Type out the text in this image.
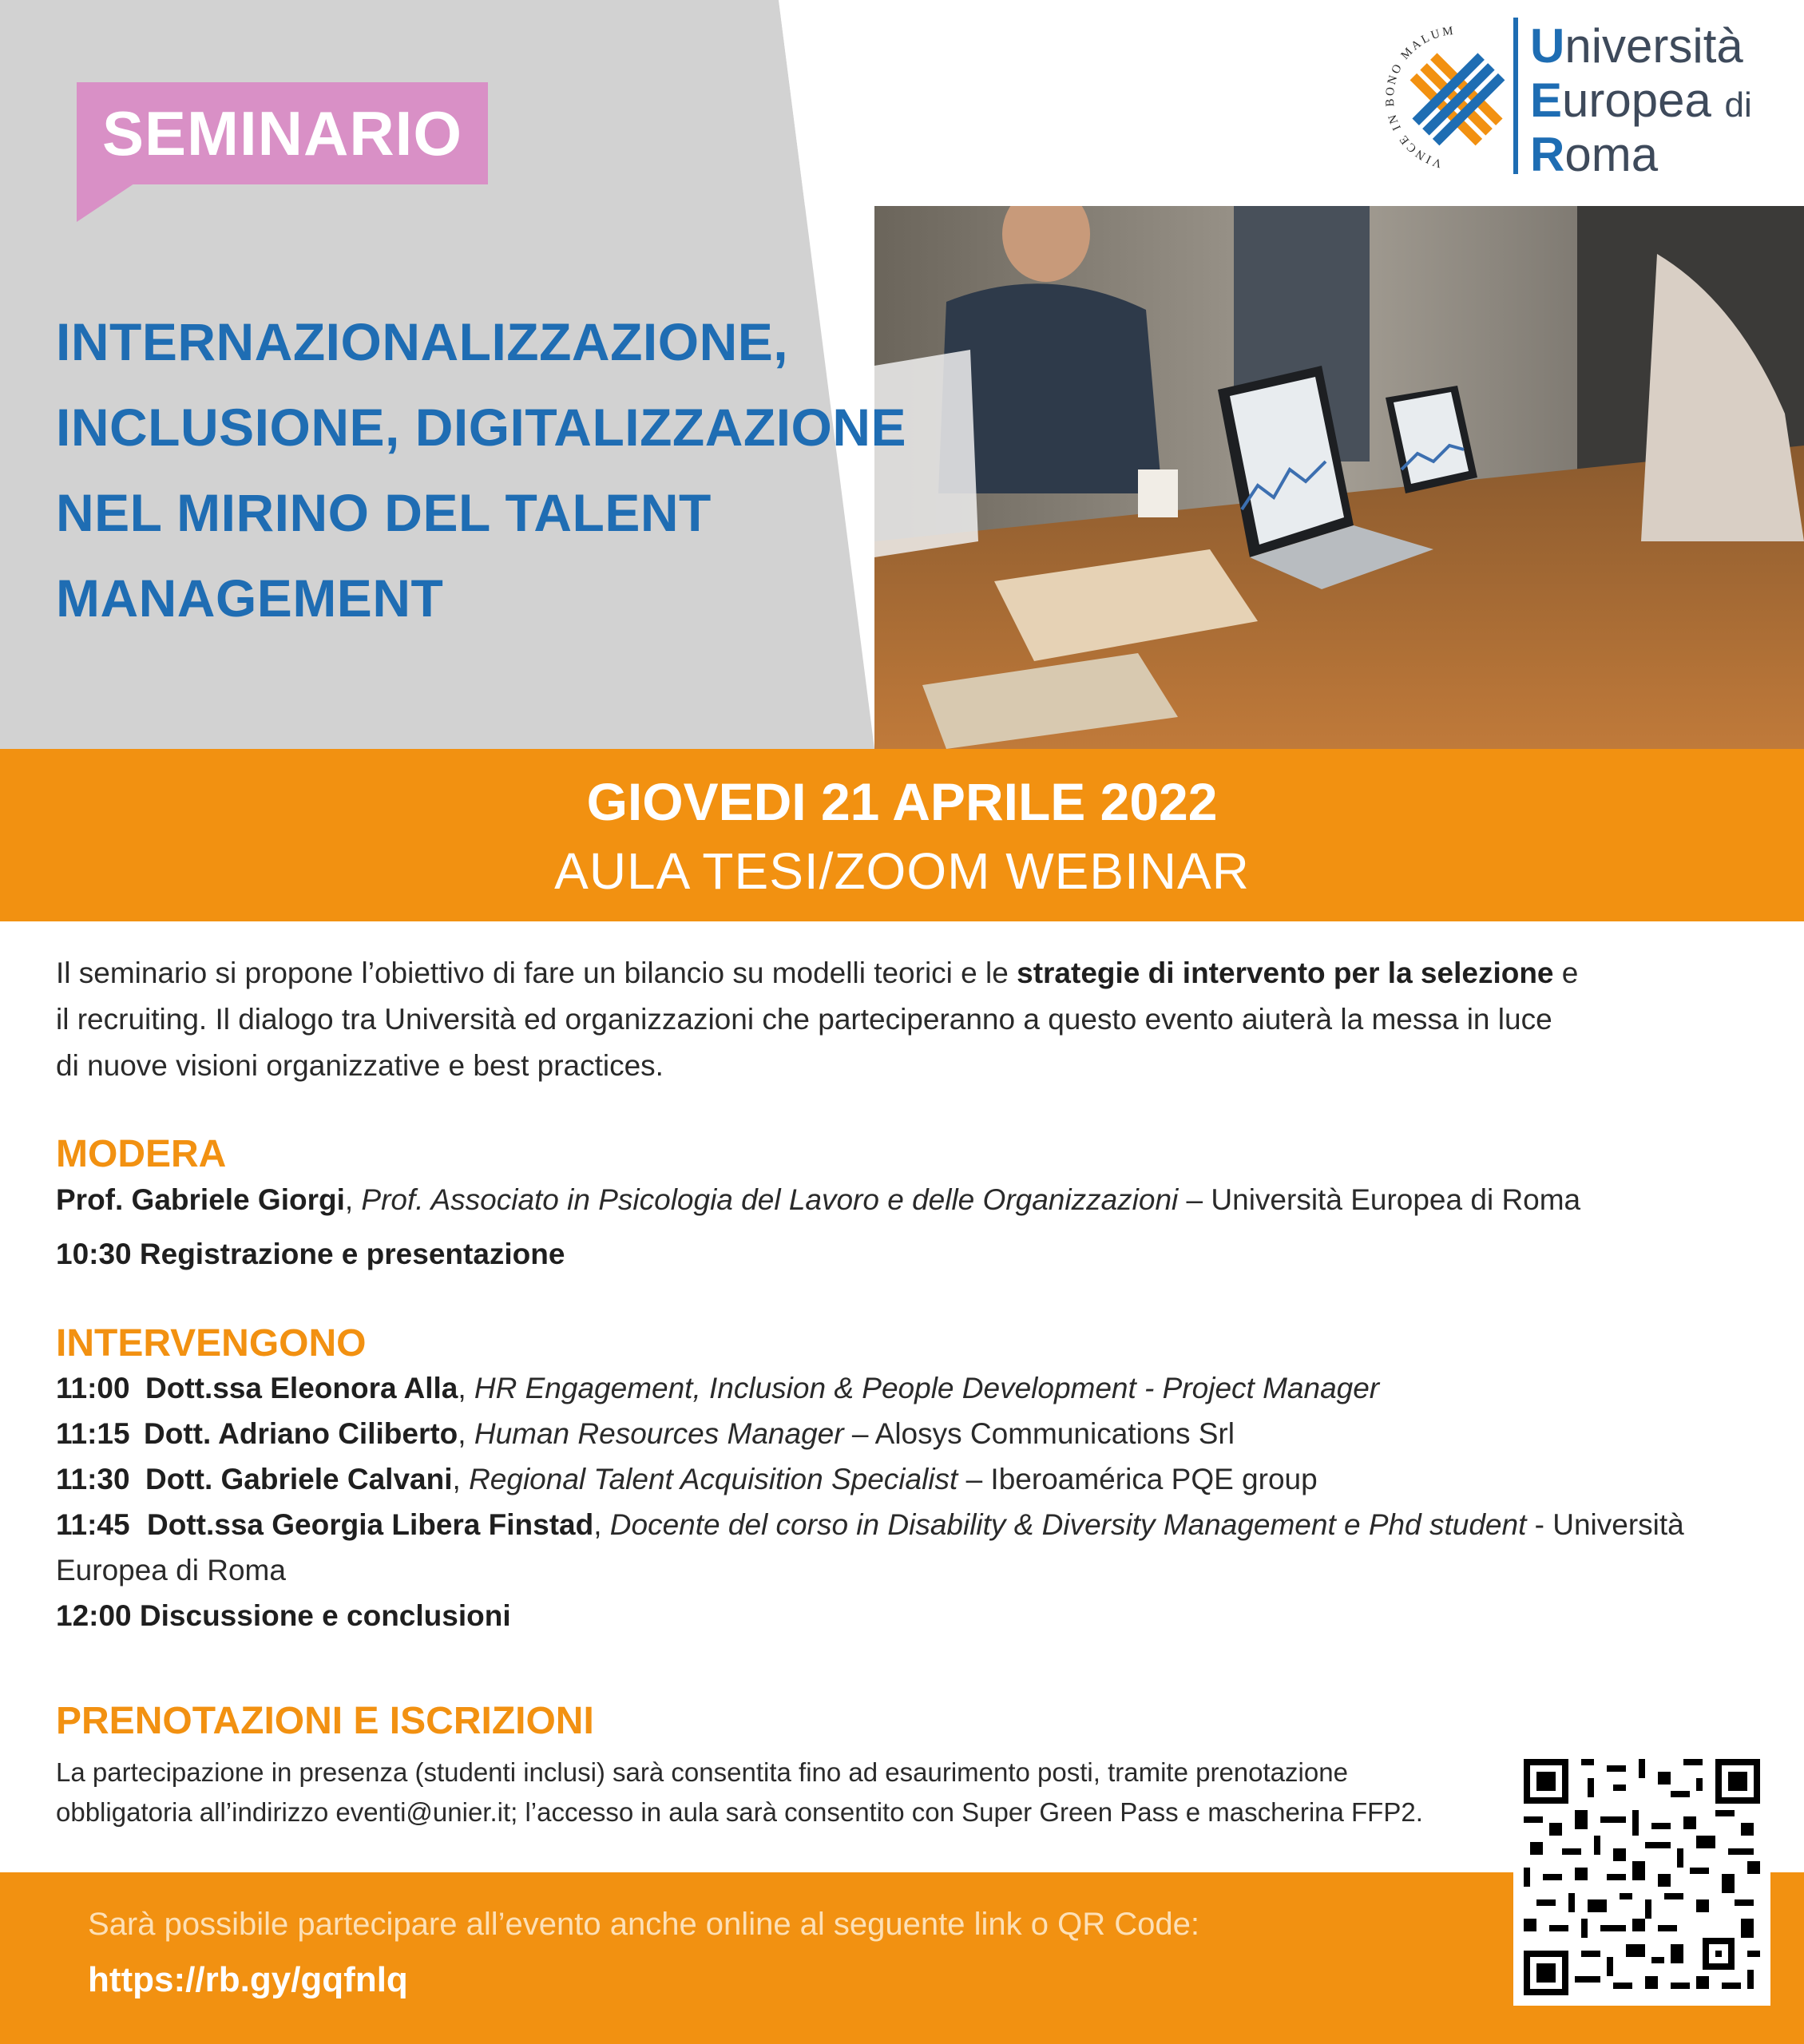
SEMINARIO	VINCE IN BONO MALUM Università
Europea di
Roma
INTERNAZIONALIZZAZIONE,
INCLUSIONE, DIGITALIZZAZIONE
NEL MIRINO DEL TALENT
MANAGEMENT
GIOVEDI 21 APRILE 2022
AULA TESI/ZOOM WEBINAR
Il seminario si propone l’obiettivo di fare un bilancio su modelli teorici e le strategie di intervento per la selezione e
il recruiting. Il dialogo tra Università ed organizzazioni che parteciperanno a questo evento aiuterà la messa in luce
di nuove visioni organizzative e best practices.
MODERA
Prof. Gabriele Giorgi, Prof. Associato in Psicologia del Lavoro e delle Organizzazioni – Università Europea di Roma
10:30 Registrazione e presentazione
INTERVENGONO
11:00 Dott.ssa Eleonora Alla, HR Engagement, Inclusion & People Development - Project Manager
11:15 Dott. Adriano Ciliberto, Human Resources Manager – Alosys Communications Srl
11:30 Dott. Gabriele Calvani, Regional Talent Acquisition Specialist – Iberoamérica PQE group
11:45 Dott.ssa Georgia Libera Finstad, Docente del corso in Disability & Diversity Management e Phd student - Università
Europea di Roma
12:00 Discussione e conclusioni
PRENOTAZIONI E ISCRIZIONI
La partecipazione in presenza (studenti inclusi) sarà consentita fino ad esaurimento posti, tramite prenotazione
obbligatoria all’indirizzo eventi@unier.it; l’accesso in aula sarà consentito con Super Green Pass e mascherina FFP2.
Sarà possibile partecipare all’evento anche online al seguente link o QR Code:
https://rb.gy/gqfnlq
